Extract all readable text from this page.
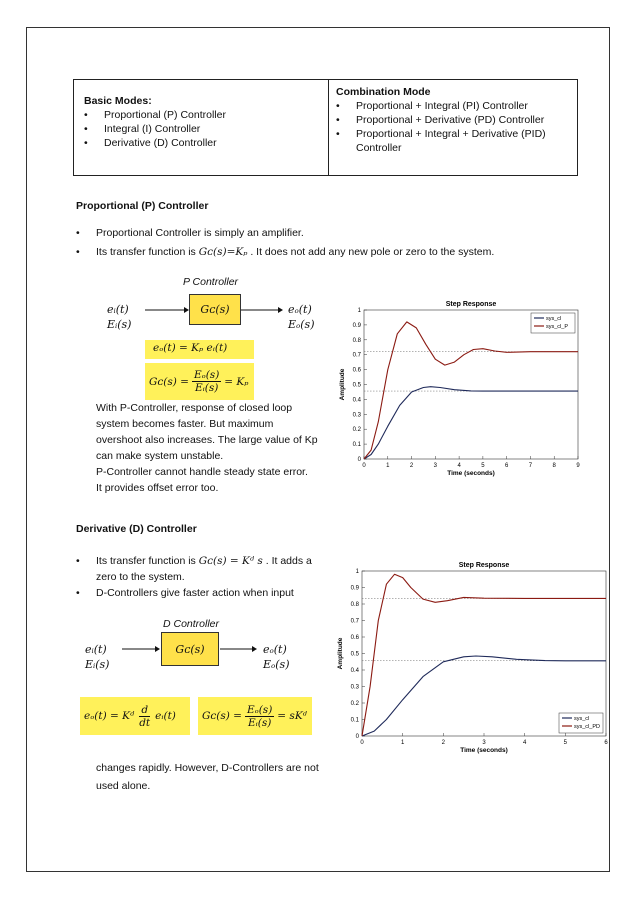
Basic Modes:
• Proportional (P) Controller
• Integral (I) Controller
• Derivative (D) Controller
Combination Mode
• Proportional + Integral (PI) Controller
• Proportional + Derivative (PD) Controller
• Proportional + Integral + Derivative (PID)
Controller
Proportional (P) Controller
• Proportional Controller is simply an amplifier.
• Its transfer function is Gᴄ(s)=Kₚ . It does not add any new pole or zero to the system.
P Controller
eᵢ(t)
Eᵢ(s)
Gᴄ(s)	eₒ(t)
Eₒ(s)
eₒ(t) = Kₚ eᵢ(t)
Gᴄ(s) = $\frac{\text{Eₒ(s)}}{\text{Eᵢ(s)}} = K_p$
With P-Controller, response of closed loop
system becomes faster. But maximum
overshoot also increases. The large value of Kp
can make system unstable.
P-Controller cannot handle steady state error.
It provides offset error too.
Step Response
0	1	2	3	4	5	6	7	8	9
0
0.1
0.2
0.3
0.4
0.5
0.6
0.7
0.8
0.9
1
Time (seconds)
Amplitude
sys_cl
sys_cl_P
Derivative (D) Controller
• Its transfer function is Gᴄ(s) = Kᵈ s . It adds a
zero to the system.
• D-Controllers give faster action when input
D Controller
eᵢ(t)
Eᵢ(s)
Gᴄ(s)	eₒ(t)
Eₒ(s)
eₒ(t) = Kᵈ $\frac{d}{dt}$ eᵢ(t) Gᴄ(s) = $\frac{\text{Eₒ(s)}}{\text{Eᵢ(s)}}$ = sKᵈ
changes rapidly. However, D-Controllers are not
used alone.
Step Response
0	1	2	3	4	5	6
0
0.1
0.2
0.3
0.4
0.5
0.6
0.7
0.8
0.9
1
Time (seconds)
Amplitude
sys_cl
sys_cl_PD
